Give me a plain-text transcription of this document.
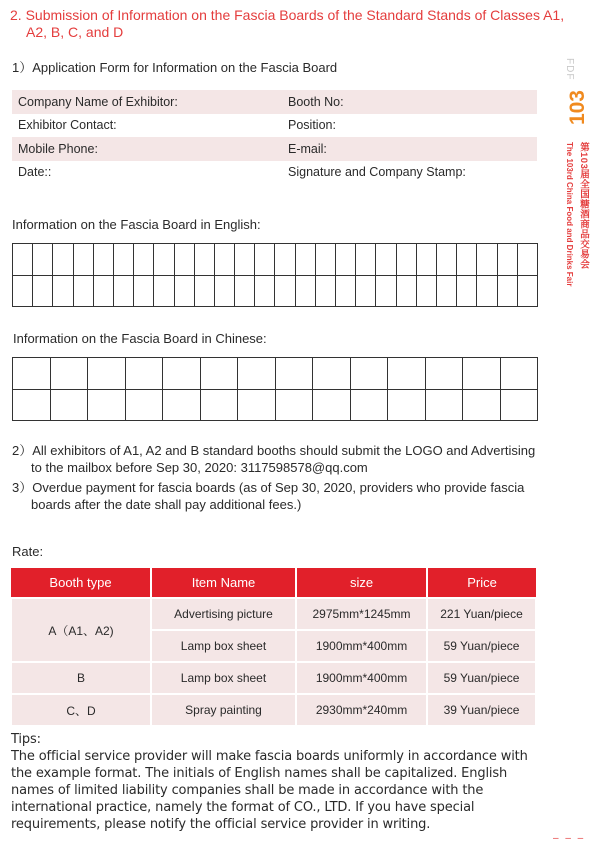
2. Submission of Information on the Fascia Boards of the Standard Stands of Classes A1, A2, B, C, and D
1）Application Form for Information on the Fascia Board
Company Name of Exhibitor:	Booth No:
Exhibitor Contact:	Position:
Mobile Phone:	E-mail:
Date::	Signature and Company Stamp:
Information on the Fascia Board in English:

Information on the Fascia Board in Chinese:

2）All exhibitors of A1, A2 and B standard booths should submit the LOGO and Advertising to the mailbox before Sep 30, 2020: 3117598578@qq.com
3）Overdue payment for fascia boards (as of Sep 30, 2020, providers who provide fascia boards after the date shall pay additional fees.)
Rate:
Booth type	Item Name	size	Price
A（A1、A2)	Advertising picture	2975mm*1245mm	221 Yuan/piece
	Lamp box sheet	1900mm*400mm	59 Yuan/piece
B	Lamp box sheet	1900mm*400mm	59 Yuan/piece
C、D	Spray painting	2930mm*240mm	39 Yuan/piece
Tips:
The official service provider will make fascia boards uniformly in accordance with the example format. The initials of English names shall be capitalized. English names of limited liability companies shall be made in accordance with the international practice, namely the format of CO., LTD. If you have special requirements, please notify the official service provider in writing.
FDF
103
第103届全国糖酒商品交易会
The 103rd China Food and Drinks Fair
– – –
